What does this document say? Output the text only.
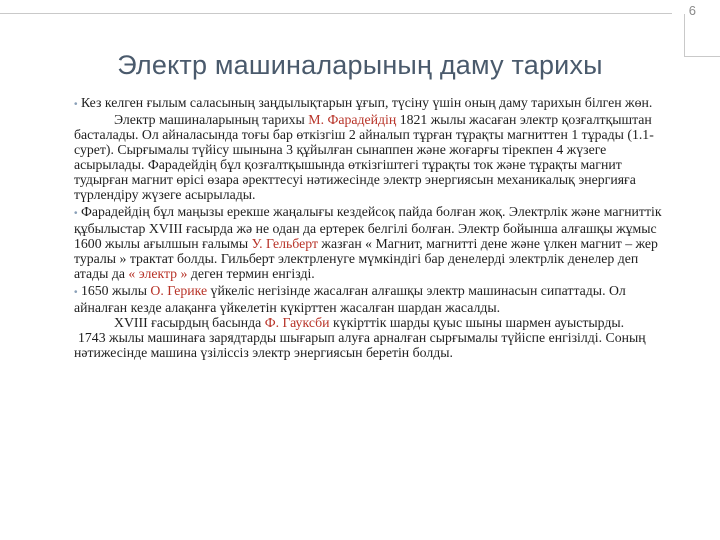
6
Электр машиналарының даму тарихы

• Кез келген ғылым саласының заңдылықтарын ұғып, түсіну үшін оның даму тарихын білген жөн.

Электр машиналарының тарихы М. Фарадейдің 1821 жылы жасаған электр қозғалтқыштан басталады. Ол айналасында тоғы бар өткізгіш 2 айналып тұрған тұрақты магниттен 1 тұрады (1.1- сурет). Сырғымалы түйісу шынына 3 құйылған сынаппен және жоғарғы тірекпен 4 жүзеге асырылады. Фарадейдің бұл қозғалтқышында өткізгіштегі тұрақты ток және тұрақты магнит тудырған магнит өрісі өзара әректтесуі нәтижесінде электр энергиясын механикалық энергияға түрлендіру жүзеге асырылады.

• Фарадейдің бұл маңызы ерекше жаңалығы кездейсоқ пайда болған жоқ. Электрлік және магниттік құбылыстар XVIII ғасырда жә не одан да ертерек белгілі болған. Электр бойынша алғашқы жұмыс 1600 жылы ағылшын ғалымы У. Гельберт жазған « Магнит, магнитті дене және үлкен магнит – жер туралы » трактат болды. Гильберт электрленуге мүмкіндігі бар денелерді электрлік денелер деп атады да « электр » деген термин енгізді.

• 1650 жылы О. Герике үйкеліс негізінде жасалған алғашқы электр машинасын сипаттады. Ол айналған кезде алақанға үйкелетін күкірттен жасалған шардан жасалды.

XVIII ғасырдың басында Ф. Гауксби күкірттік шарды қуыс шыны шармен ауыстырды.

1743 жылы машинаға зарядтарды шығарып алуға арналған сырғымалы түйіспе енгізілді. Соның нәтижесінде машина үзіліссіз электр энергиясын беретін болды.
